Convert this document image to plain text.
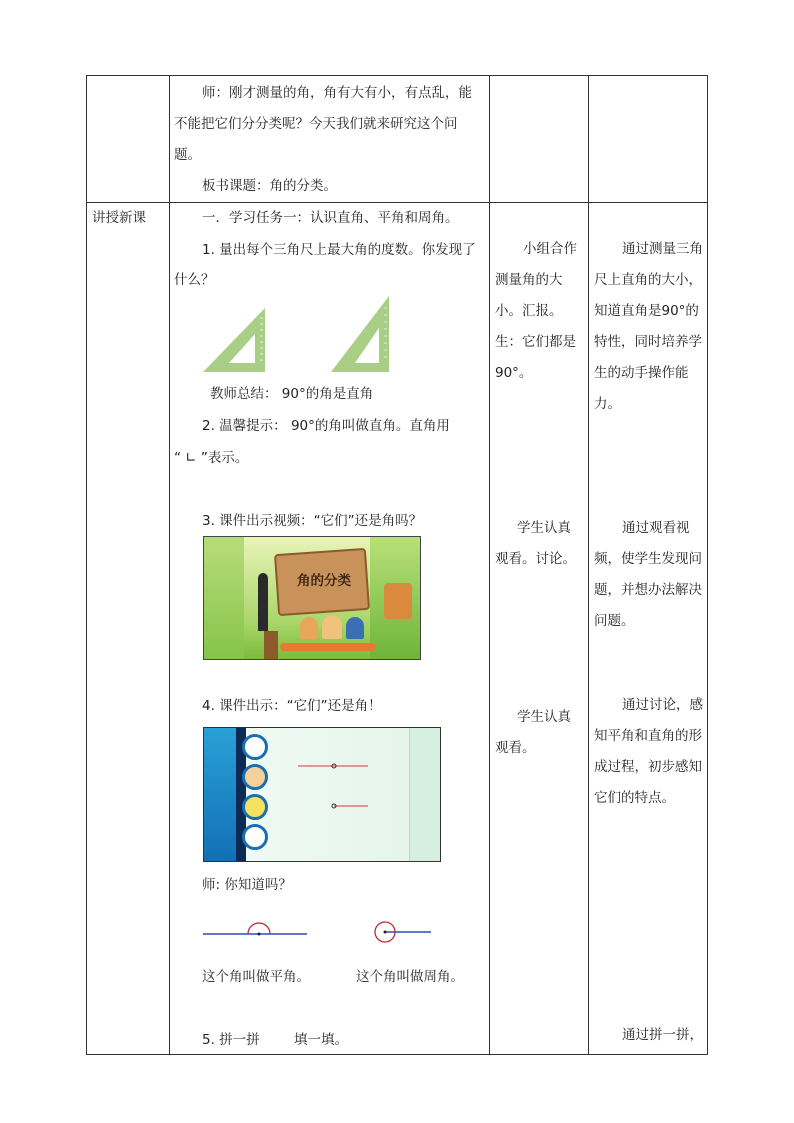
师：刚才测量的角，角有大有小，有点乱，能不能把它们分分类呢？今天我们就来研究这个问题。
板书课题：角的分类。
讲授新课	一．学习任务一：认识直角、平角和周角。
1. 量出每个三角尺上最大角的度数。你发现了
什么？
教师总结： 90°的角是直角
2. 温馨提示： 90°的角叫做直角。直角用
“ ∟ ”表示。
3. 课件出示视频：“它们”还是角吗？
角的分类
4. 课件出示：“它们”还是角！
师: 你知道吗？
这个角叫做平角。	这个角叫做周角。
5. 拼一拼        填一填。
小组合作测量角的大小。汇报。
生：它们都是90°。
学生认真观看。讨论。
学生认真观看。
通过测量三角尺上直角的大小，知道直角是90°的特性，同时培养学生的动手操作能力。
通过观看视频，使学生发现问题，并想办法解决问题。
通过讨论，感知平角和直角的形成过程，初步感知它们的特点。
通过拼一拼，
